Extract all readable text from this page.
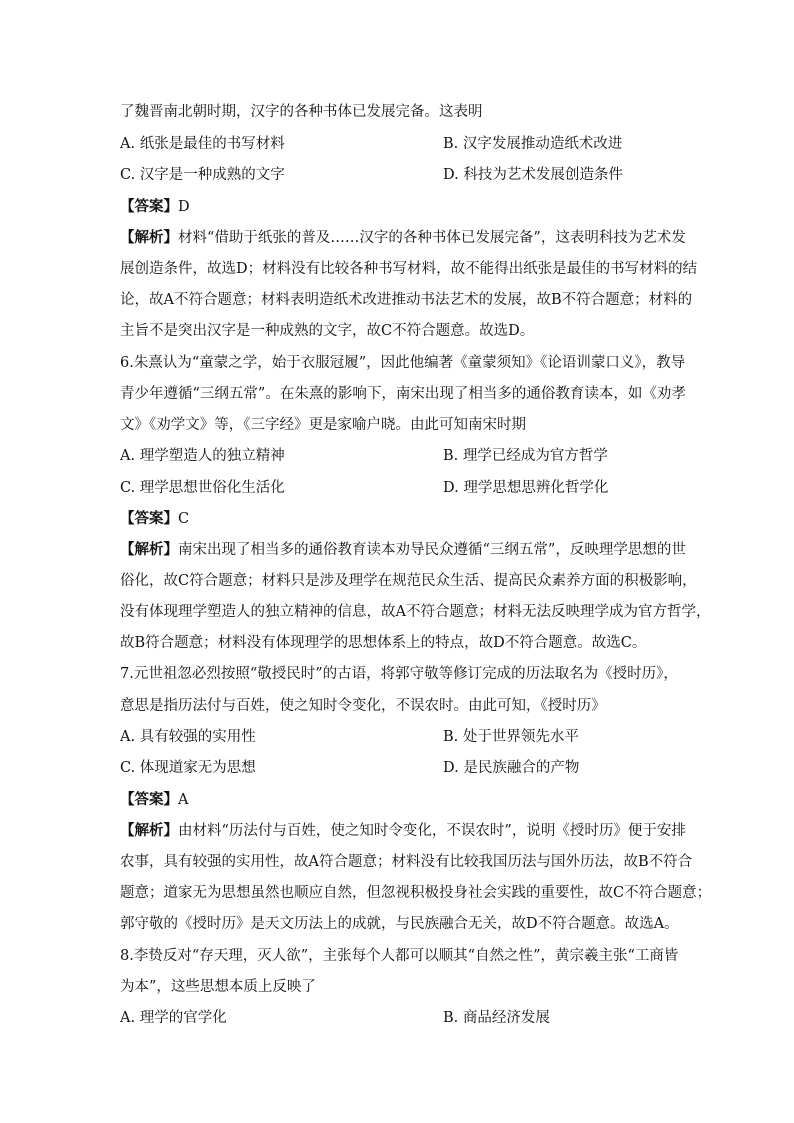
了魏晋南北朝时期，汉字的各种书体已发展完备。这表明
A. 纸张是最佳的书写材料	B. 汉字发展推动造纸术改进
C. 汉字是一种成熟的文字	D. 科技为艺术发展创造条件
【答案】D
【解析】材料“借助于纸张的普及……汉字的各种书体已发展完备”，这表明科技为艺术发
展创造条件，故选D；材料没有比较各种书写材料，故不能得出纸张是最佳的书写材料的结
论，故A不符合题意；材料表明造纸术改进推动书法艺术的发展，故B不符合题意；材料的
主旨不是突出汉字是一种成熟的文字，故C不符合题意。故选D。
6.朱熹认为“童蒙之学，始于衣服冠履”，因此他编著《童蒙须知》《论语训蒙口义》，教导
青少年遵循“三纲五常”。在朱熹的影响下，南宋出现了相当多的通俗教育读本，如《劝孝
文》《劝学文》等，《三字经》更是家喻户晓。由此可知南宋时期
A. 理学塑造人的独立精神	B. 理学已经成为官方哲学
C. 理学思想世俗化生活化	D. 理学思想思辨化哲学化
【答案】C
【解析】南宋出现了相当多的通俗教育读本劝导民众遵循“三纲五常”，反映理学思想的世
俗化，故C符合题意；材料只是涉及理学在规范民众生活、提高民众素养方面的积极影响，
没有体现理学塑造人的独立精神的信息，故A不符合题意；材料无法反映理学成为官方哲学，
故B符合题意；材料没有体现理学的思想体系上的特点，故D不符合题意。故选C。
7.元世祖忽必烈按照“敬授民时”的古语，将郭守敬等修订完成的历法取名为《授时历》，
意思是指历法付与百姓，使之知时令变化，不误农时。由此可知，《授时历》
A. 具有较强的实用性	B. 处于世界领先水平
C. 体现道家无为思想	D. 是民族融合的产物
【答案】A
【解析】由材料“历法付与百姓，使之知时令变化，不误农时”，说明《授时历》便于安排
农事，具有较强的实用性，故A符合题意；材料没有比较我国历法与国外历法，故B不符合
题意；道家无为思想虽然也顺应自然，但忽视积极投身社会实践的重要性，故C不符合题意；
郭守敬的《授时历》是天文历法上的成就，与民族融合无关，故D不符合题意。故选A。
8.李贽反对“存天理，灭人欲”，主张每个人都可以顺其“自然之性”，黄宗羲主张“工商皆
为本”，这些思想本质上反映了
A. 理学的官学化	B. 商品经济发展
